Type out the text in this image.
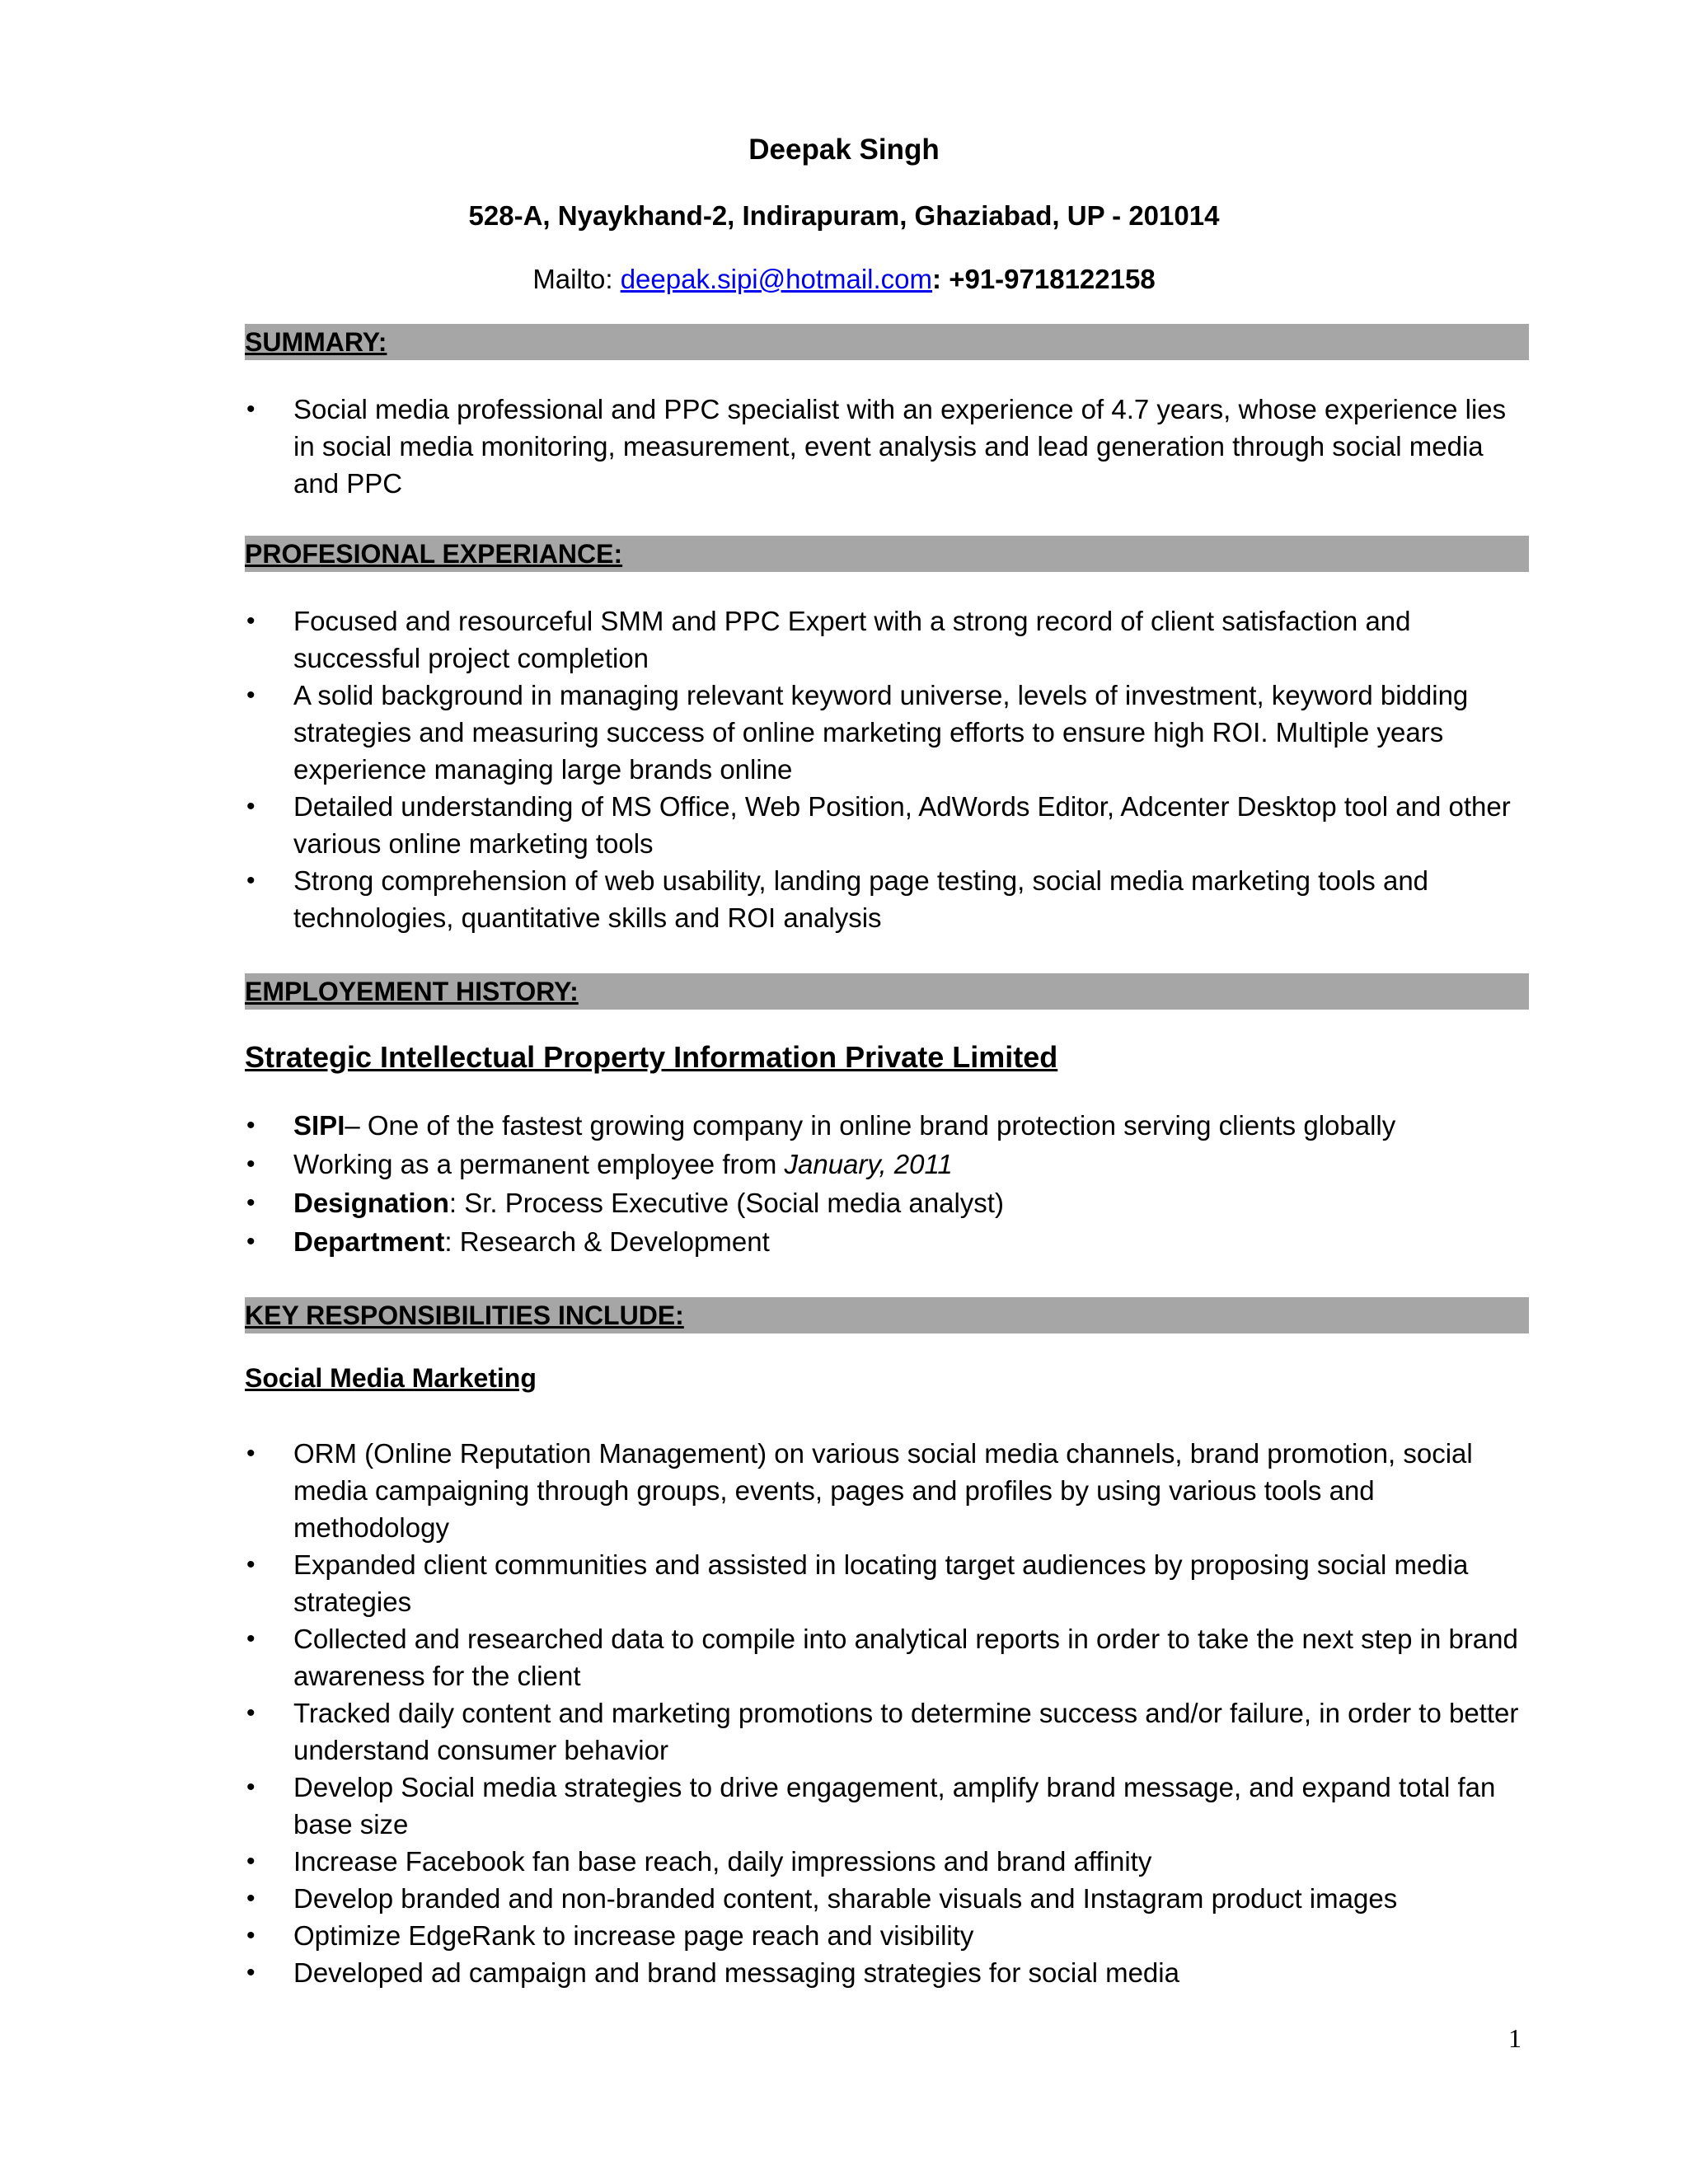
Deepak Singh
528-A, Nyaykhand-2, Indirapuram, Ghaziabad, UP - 201014
Mailto: deepak.sipi@hotmail.com: +91-9718122158
SUMMARY:
• Social media professional and PPC specialist with an experience of 4.7 years, whose experience lies in social media monitoring, measurement, event analysis and lead generation through social media and PPC
PROFESIONAL EXPERIANCE:
• Focused and resourceful SMM and PPC Expert with a strong record of client satisfaction and successful project completion
• A solid background in managing relevant keyword universe, levels of investment, keyword bidding strategies and measuring success of online marketing efforts to ensure high ROI. Multiple years experience managing large brands online
• Detailed understanding of MS Office, Web Position, AdWords Editor, Adcenter Desktop tool and other various online marketing tools
• Strong comprehension of web usability, landing page testing, social media marketing tools and technologies, quantitative skills and ROI analysis
EMPLOYEMENT HISTORY:
Strategic Intellectual Property Information Private Limited
• SIPI– One of the fastest growing company in online brand protection serving clients globally
• Working as a permanent employee from January, 2011
• Designation: Sr. Process Executive (Social media analyst)
• Department: Research & Development
KEY RESPONSIBILITIES INCLUDE:
Social Media Marketing
• ORM (Online Reputation Management) on various social media channels, brand promotion, social media campaigning through groups, events, pages and profiles by using various tools and methodology
• Expanded client communities and assisted in locating target audiences by proposing social media strategies
• Collected and researched data to compile into analytical reports in order to take the next step in brand awareness for the client
• Tracked daily content and marketing promotions to determine success and/or failure, in order to better understand consumer behavior
• Develop Social media strategies to drive engagement, amplify brand message, and expand total fan base size
• Increase Facebook fan base reach, daily impressions and brand affinity
• Develop branded and non-branded content, sharable visuals and Instagram product images
• Optimize EdgeRank to increase page reach and visibility
• Developed ad campaign and brand messaging strategies for social media
1
